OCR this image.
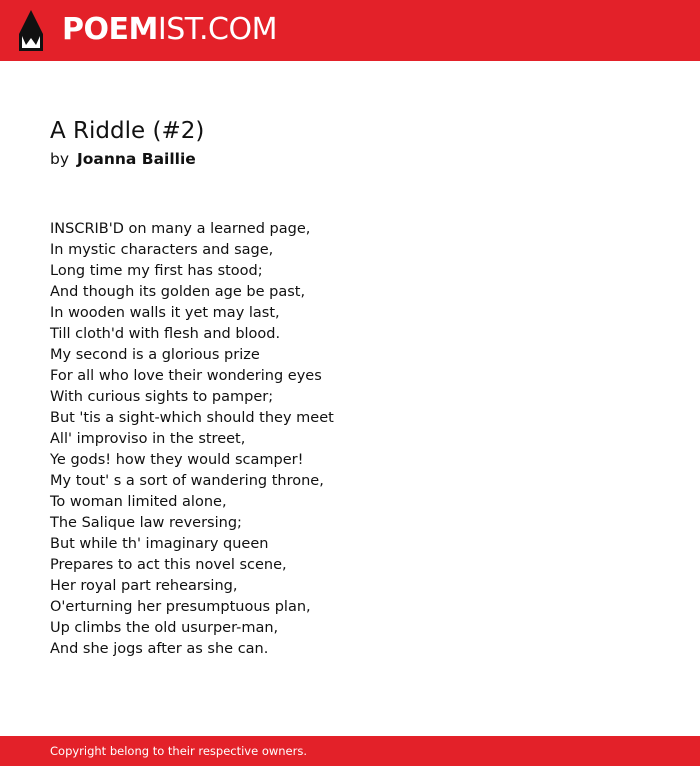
POEMIST.COM
A Riddle (#2)
by Joanna Baillie
INSCRIB'D on many a learned page,
In mystic characters and sage,
Long time my first has stood;
And though its golden age be past,
In wooden walls it yet may last,
Till cloth'd with flesh and blood.
My second is a glorious prize
For all who love their wondering eyes
With curious sights to pamper;
But 'tis a sight-which should they meet
All' improviso in the street,
Ye gods! how they would scamper!
My tout' s a sort of wandering throne,
To woman limited alone,
The Salique law reversing;
But while th' imaginary queen
Prepares to act this novel scene,
Her royal part rehearsing,
O'erturning her presumptuous plan,
Up climbs the old usurper-man,
And she jogs after as she can.
Copyright belong to their respective owners.
